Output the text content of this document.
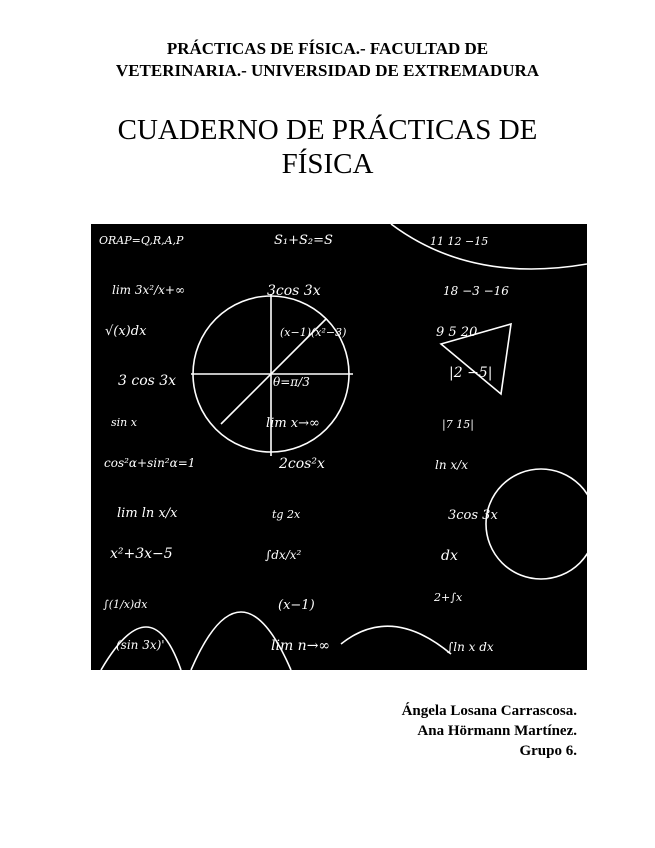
PRÁCTICAS DE FÍSICA.- FACULTAD DE
VETERINARIA.- UNIVERSIDAD DE EXTREMADURA
CUADERNO DE PRÁCTICAS DE
FÍSICA
ORAP=Q,R,A,P
lim 3x²/x+∞
√(x)dx
3 cos 3x
sin x
cos²α+sin²α=1
lim ln x/x
x²+3x−5
∫(1/x)dx
(sin 3x)'
S₁+S₂=S
3cos 3x
(x−1)(x²−3)
θ=π/3
lim x→∞
2cos²x
tg 2x
∫dx/x²
(x−1)
lim n→∞
11 12 −15
18 −3 −16
9 5 20
|2 −5|
|7 15|
ln x/x
3cos 3x
dx
2+∫x
∫ln x dx
Ángela Losana Carrascosa.
Ana Hörmann Martínez.
Grupo 6.
